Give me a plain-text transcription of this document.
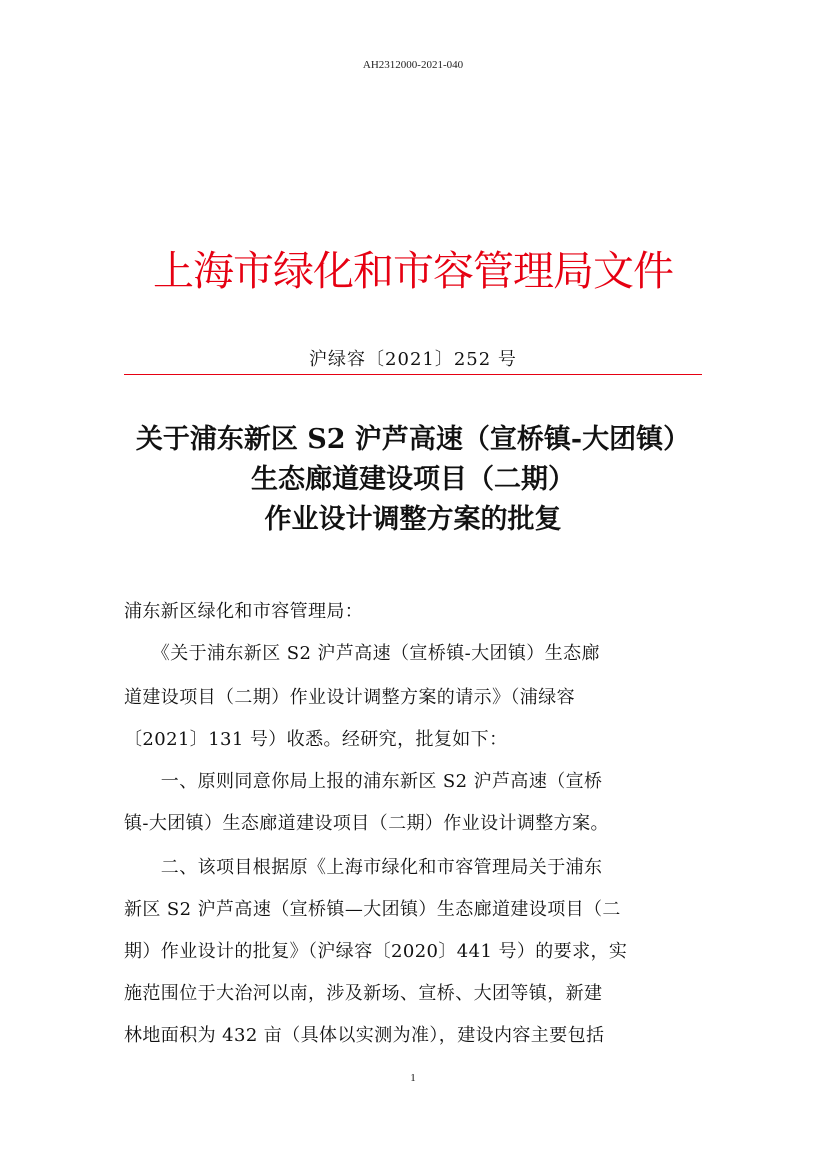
AH2312000-2021-040
上海市绿化和市容管理局文件
沪绿容〔2021〕252 号
关于浦东新区 S2 沪芦高速（宣桥镇-大团镇）
生态廊道建设项目（二期）
作业设计调整方案的批复
浦东新区绿化和市容管理局：
　　《关于浦东新区 S2 沪芦高速（宣桥镇-大团镇）生态廊
道建设项目（二期）作业设计调整方案的请示》（浦绿容
〔2021〕131 号）收悉。经研究，批复如下：
　　一、原则同意你局上报的浦东新区 S2 沪芦高速（宣桥
镇-大团镇）生态廊道建设项目（二期）作业设计调整方案。
　　二、该项目根据原《上海市绿化和市容管理局关于浦东
新区 S2 沪芦高速（宣桥镇—大团镇）生态廊道建设项目（二
期）作业设计的批复》（沪绿容〔2020〕441 号）的要求，实
施范围位于大治河以南，涉及新场、宣桥、大团等镇，新建
林地面积为 432 亩（具体以实测为准），建设内容主要包括
1
